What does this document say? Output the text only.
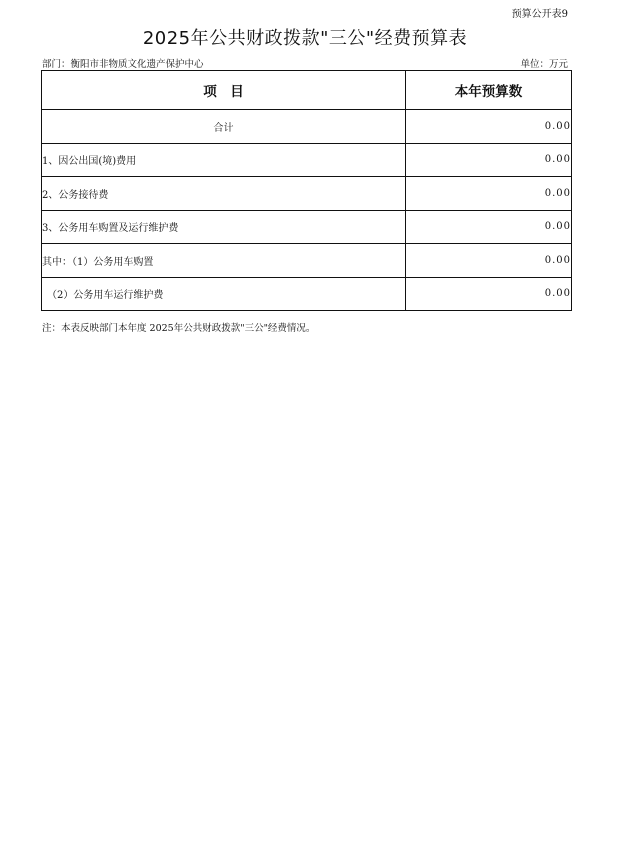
预算公开表9
2025年公共财政拨款"三公"经费预算表
部门：衡阳市非物质文化遗产保护中心	单位：万元
项　目	本年预算数
合计	0.00
1、因公出国(境)费用	0.00
2、公务接待费	0.00
3、公务用车购置及运行维护费	0.00
其中：（1）公务用车购置	0.00
（2）公务用车运行维护费	0.00
注：本表反映部门本年度 2025年公共财政拨款"三公"经费情况。
